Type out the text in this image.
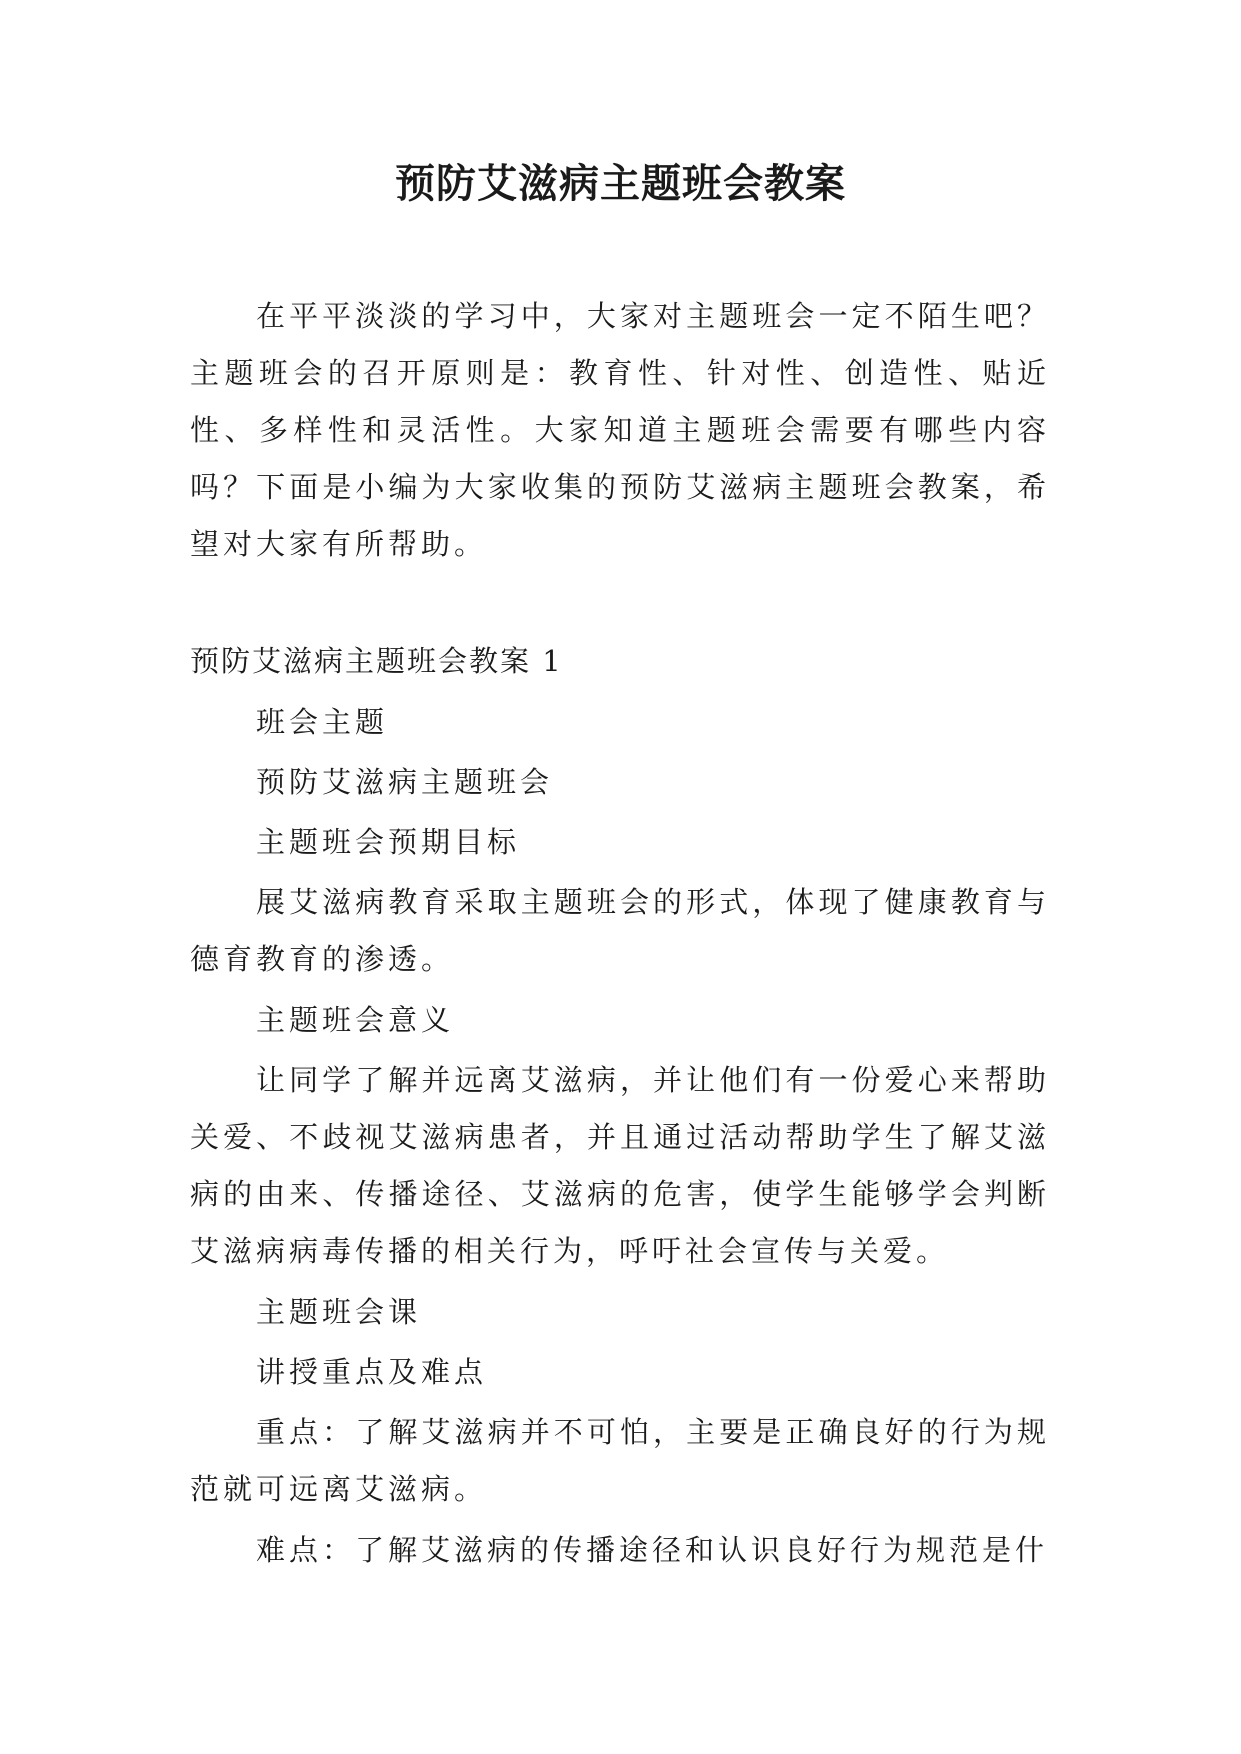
预防艾滋病主题班会教案

在平平淡淡的学习中，大家对主题班会一定不陌生吧？主题班会的召开原则是：教育性、针对性、创造性、贴近性、多样性和灵活性。大家知道主题班会需要有哪些内容吗？下面是小编为大家收集的预防艾滋病主题班会教案，希望对大家有所帮助。

预防艾滋病主题班会教案 1

班会主题

预防艾滋病主题班会

主题班会预期目标

展艾滋病教育采取主题班会的形式，体现了健康教育与德育教育的渗透。

主题班会意义

让同学了解并远离艾滋病，并让他们有一份爱心来帮助关爱、不歧视艾滋病患者，并且通过活动帮助学生了解艾滋病的由来、传播途径、艾滋病的危害，使学生能够学会判断艾滋病病毒传播的相关行为，呼吁社会宣传与关爱。

主题班会课

讲授重点及难点

重点：了解艾滋病并不可怕，主要是正确良好的行为规范就可远离艾滋病。

难点：了解艾滋病的传播途径和认识良好行为规范是什
